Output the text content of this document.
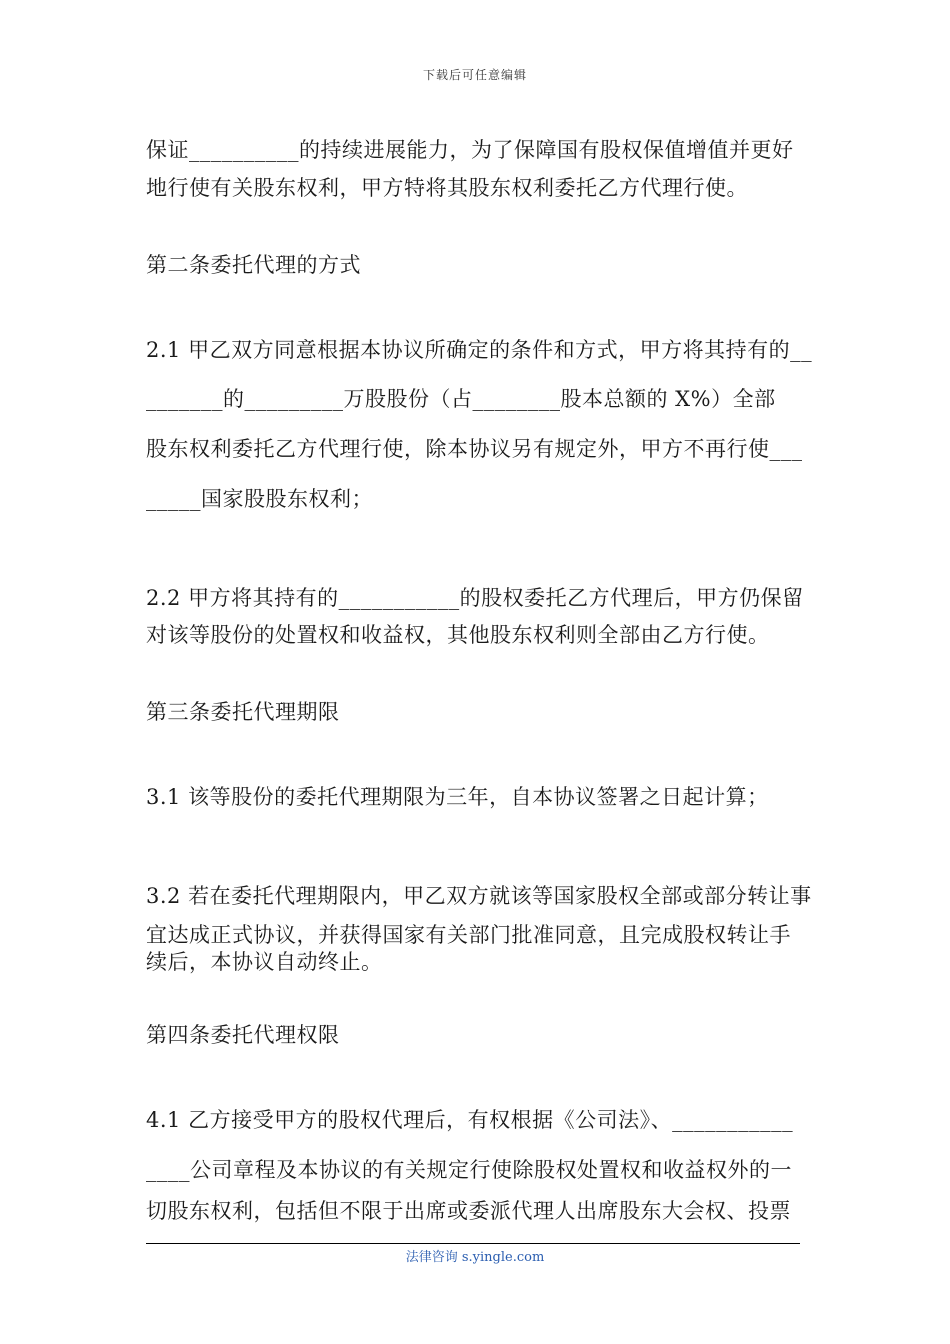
下载后可任意编辑
保证__________的持续进展能力，为了保障国有股权保值增值并更好
地行使有关股东权利，甲方特将其股东权利委托乙方代理行使。
第二条委托代理的方式
2.1 甲乙双方同意根据本协议所确定的条件和方式，甲方将其持有的__
_______的_________万股股份（占________股本总额的 X%）全部
股东权利委托乙方代理行使，除本协议另有规定外，甲方不再行使___
_____国家股股东权利；
2.2 甲方将其持有的___________的股权委托乙方代理后，甲方仍保留
对该等股份的处置权和收益权，其他股东权利则全部由乙方行使。
第三条委托代理期限
3.1 该等股份的委托代理期限为三年，自本协议签署之日起计算；
3.2 若在委托代理期限内，甲乙双方就该等国家股权全部或部分转让事
宜达成正式协议，并获得国家有关部门批准同意，且完成股权转让手
续后，本协议自动终止。
第四条委托代理权限
4.1 乙方接受甲方的股权代理后，有权根据《公司法》、___________
____公司章程及本协议的有关规定行使除股权处置权和收益权外的一
切股东权利，包括但不限于出席或委派代理人出席股东大会权、投票
法律咨询 s.yingle.com
